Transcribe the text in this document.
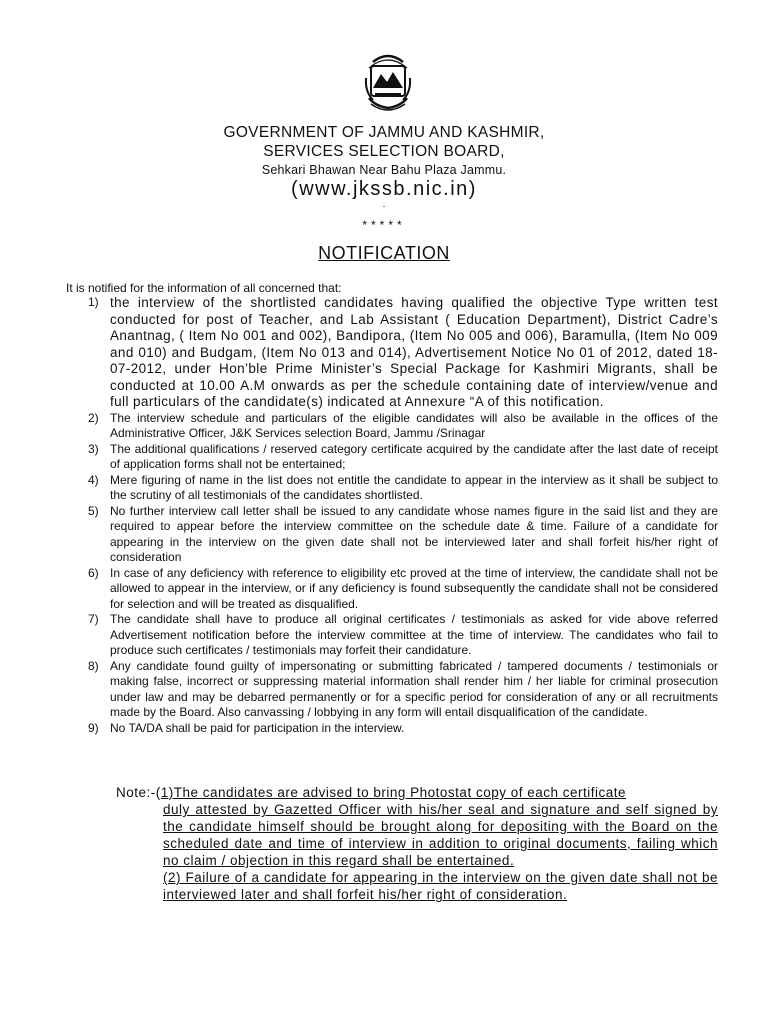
GOVERNMENT OF JAMMU AND KASHMIR,
SERVICES SELECTION BOARD,
Sehkari Bhawan Near Bahu Plaza Jammu.
(www.jkssb.nic.in)
.
*****
NOTIFICATION
It is notified for the information of all concerned that:
1) the interview of the shortlisted candidates having qualified the objective Type written test conducted for post of Teacher, and Lab Assistant ( Education Department), District Cadre’s Anantnag, ( Item No 001 and 002), Bandipora, (Item No 005 and 006), Baramulla, (Item No 009 and 010) and Budgam, (Item No 013 and 014), Advertisement Notice No 01 of 2012, dated 18-07-2012, under Hon’ble Prime Minister’s Special Package for Kashmiri Migrants, shall be conducted at 10.00 A.M onwards as per the schedule containing date of interview/venue and full particulars of the candidate(s) indicated at Annexure “A of this notification.
2) The interview schedule and particulars of the eligible candidates will also be available in the offices of the Administrative Officer, J&K Services selection Board, Jammu /Srinagar
3) The additional qualifications / reserved category certificate acquired by the candidate after the last date of receipt of application forms shall not be entertained;
4) Mere figuring of name in the list does not entitle the candidate to appear in the interview as it shall be subject to the scrutiny of all testimonials of the candidates shortlisted.
5) No further interview call letter shall be issued to any candidate whose names figure in the said list and they are required to appear before the interview committee on the schedule date & time. Failure of a candidate for appearing in the interview on the given date shall not be interviewed later and shall forfeit his/her right of consideration
6) In case of any deficiency with reference to eligibility etc proved at the time of interview, the candidate shall not be allowed to appear in the interview, or if any deficiency is found subsequently the candidate shall not be considered for selection and will be treated as disqualified.
7) The candidate shall have to produce all original certificates / testimonials as asked for vide above referred Advertisement notification before the interview committee at the time of interview. The candidates who fail to produce such certificates / testimonials may forfeit their candidature.
8) Any candidate found guilty of impersonating or submitting fabricated / tampered documents / testimonials or making false, incorrect or suppressing material information shall render him / her liable for criminal prosecution under law and may be debarred permanently or for a specific period for consideration of any or all recruitments made by the Board. Also canvassing / lobbying in any form will entail disqualification of the candidate.
9) No TA/DA shall be paid for participation in the interview.
Note:-(1)The candidates are advised to bring Photostat copy of each certificate
duly attested by Gazetted Officer with his/her seal and signature and self signed by the candidate himself should be brought along for depositing with the Board on the scheduled date and time of interview in addition to original documents, failing which no claim / objection in this regard shall be entertained.
(2) Failure of a candidate for appearing in the interview on the given date shall not be interviewed later and shall forfeit his/her right of consideration.
